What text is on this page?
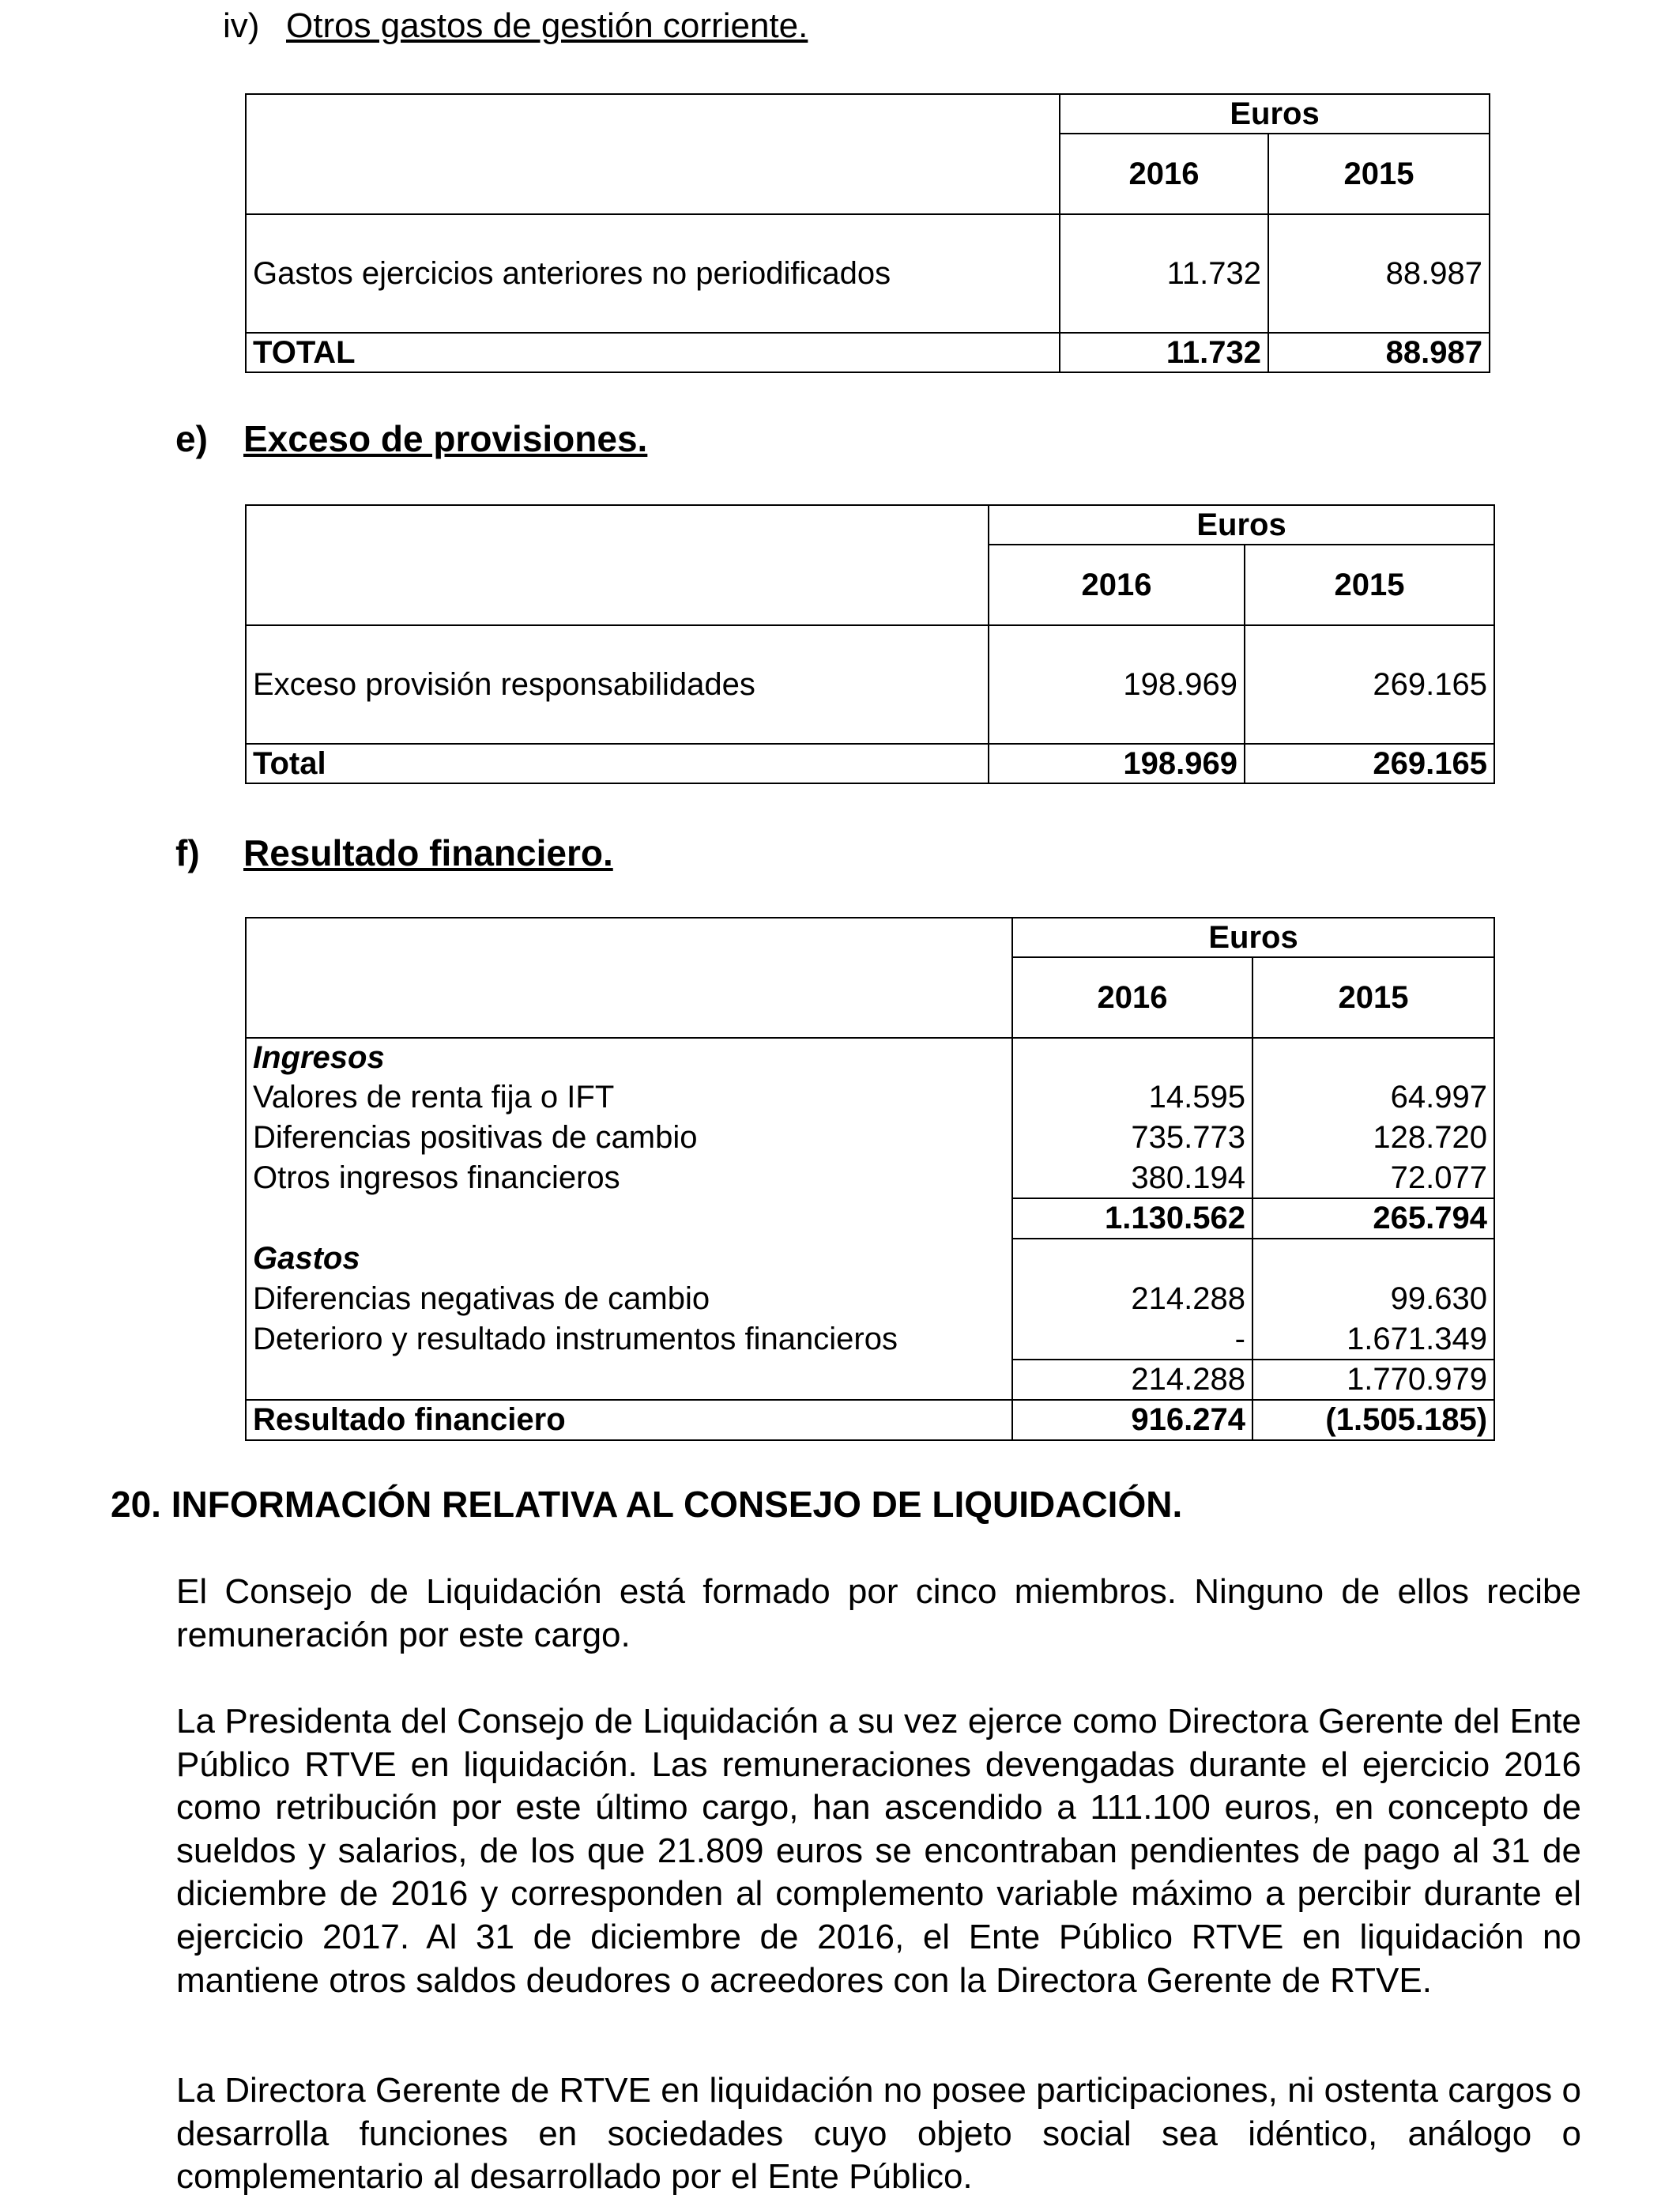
iv) Otros gastos de gestión corriente.
	Euros	
	2016	2015
Gastos ejercicios anteriores no periodificados	11.732	88.987
TOTAL	11.732	88.987
e) Exceso de provisiones.
	Euros	
	2016	2015
Exceso provisión responsabilidades	198.969	269.165
Total	198.969	269.165
f) Resultado financiero.
	Euros	
	2016	2015
Ingresos		
Valores de renta fija o IFT	14.595	64.997
Diferencias positivas de cambio	735.773	128.720
Otros ingresos financieros	380.194	72.077
	1.130.562	265.794
Gastos		
Diferencias negativas de cambio	214.288	99.630
Deterioro y resultado instrumentos financieros	-	1.671.349
	214.288	1.770.979
Resultado financiero	916.274	(1.505.185)
20. INFORMACIÓN RELATIVA AL CONSEJO DE LIQUIDACIÓN.

El Consejo de Liquidación está formado por cinco miembros. Ninguno de ellos recibe remuneración por este cargo.

La Presidenta del Consejo de Liquidación a su vez ejerce como Directora Gerente del Ente Público RTVE en liquidación. Las remuneraciones devengadas durante el ejercicio 2016 como retribución por este último cargo, han ascendido a 111.100 euros, en concepto de sueldos y salarios, de los que 21.809 euros se encontraban pendientes de pago al 31 de diciembre de 2016 y corresponden al complemento variable máximo a percibir durante el ejercicio 2017. Al 31 de diciembre de 2016, el Ente Público RTVE en liquidación no mantiene otros saldos deudores o acreedores con la Directora Gerente de RTVE.

La Directora Gerente de RTVE en liquidación no posee participaciones, ni ostenta cargos o desarrolla funciones en sociedades cuyo objeto social sea idéntico, análogo o complementario al desarrollado por el Ente Público.
